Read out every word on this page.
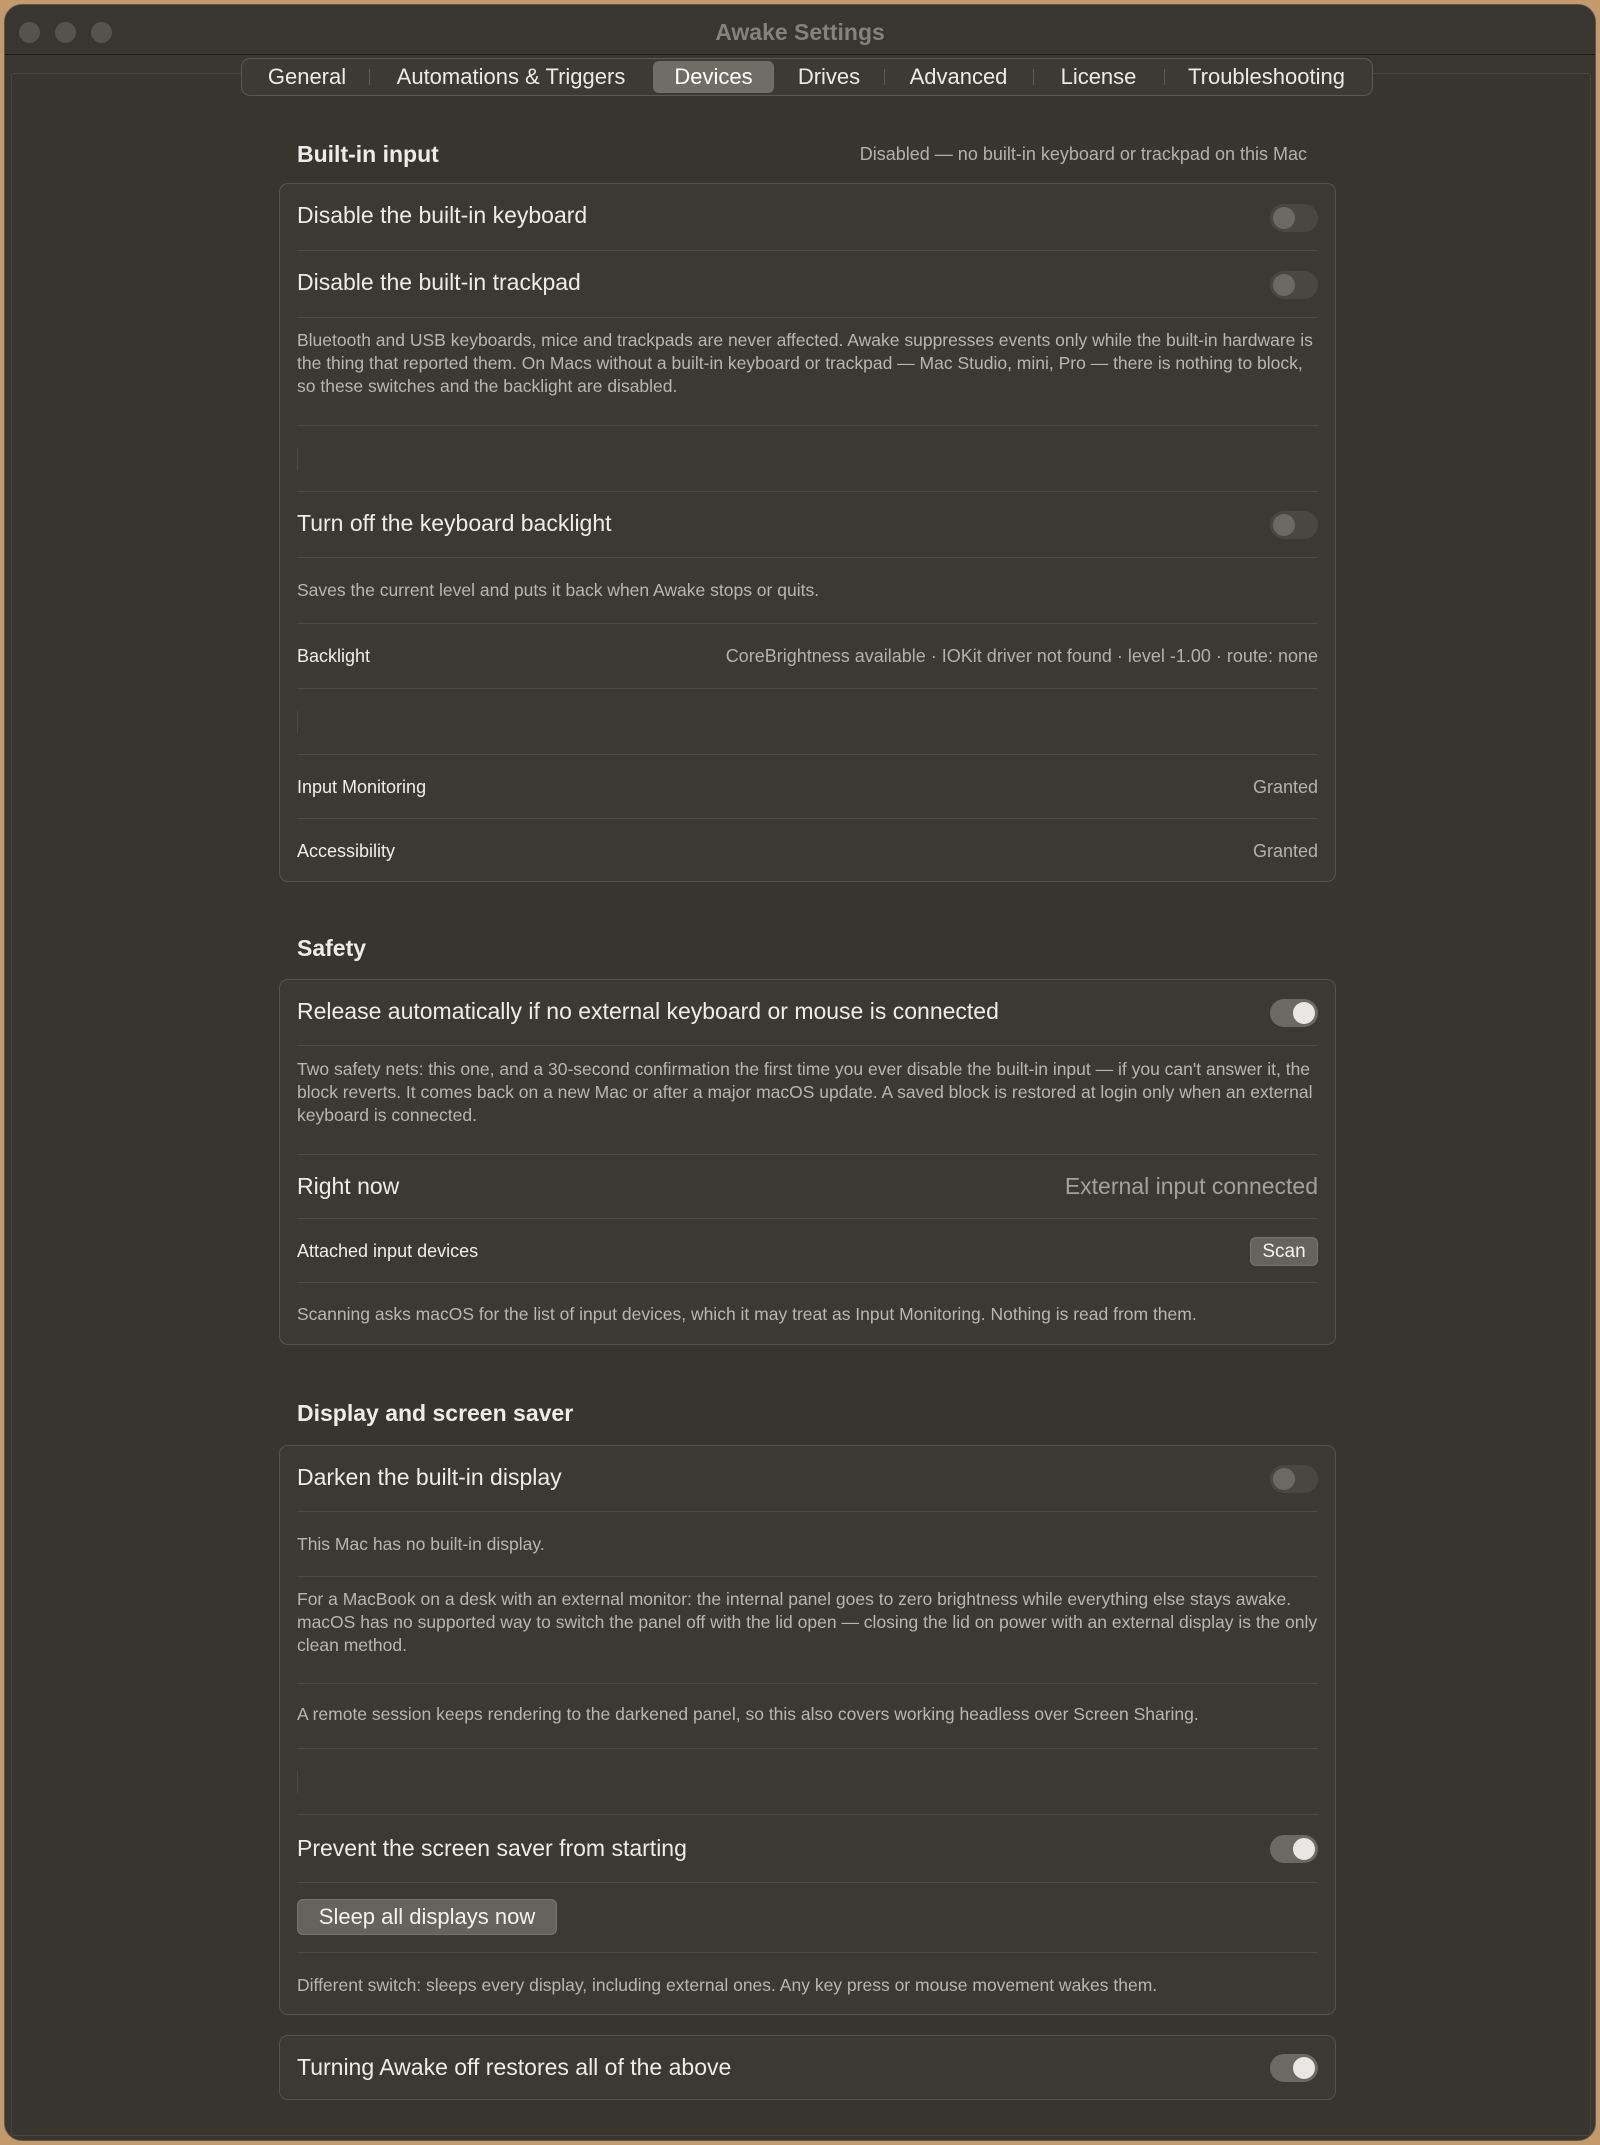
Awake Settings
General	Automations & Triggers	Devices	Drives	Advanced	License	Troubleshooting
Built-in input	Disabled — no built-in keyboard or trackpad on this Mac
Disable the built-in keyboard
Disable the built-in trackpad
Bluetooth and USB keyboards, mice and trackpads are never affected. Awake suppresses events only while the built-in hardware is the thing that reported them. On Macs without a built-in keyboard or trackpad — Mac Studio, mini, Pro — there is nothing to block, so these switches and the backlight are disabled.
Turn off the keyboard backlight
Saves the current level and puts it back when Awake stops or quits.
Backlight	CoreBrightness available · IOKit driver not found · level -1.00 · route: none
Input Monitoring	Granted
Accessibility	Granted
Safety
Release automatically if no external keyboard or mouse is connected
Two safety nets: this one, and a 30-second confirmation the first time you ever disable the built-in input — if you can't answer it, the block reverts. It comes back on a new Mac or after a major macOS update. A saved block is restored at login only when an external keyboard is connected.
Right now	External input connected
Attached input devices	Scan
Scanning asks macOS for the list of input devices, which it may treat as Input Monitoring. Nothing is read from them.
Display and screen saver
Darken the built-in display
This Mac has no built-in display.
For a MacBook on a desk with an external monitor: the internal panel goes to zero brightness while everything else stays awake. macOS has no supported way to switch the panel off with the lid open — closing the lid on power with an external display is the only clean method.
A remote session keeps rendering to the darkened panel, so this also covers working headless over Screen Sharing.
Prevent the screen saver from starting
Sleep all displays now
Different switch: sleeps every display, including external ones. Any key press or mouse movement wakes them.
Turning Awake off restores all of the above
